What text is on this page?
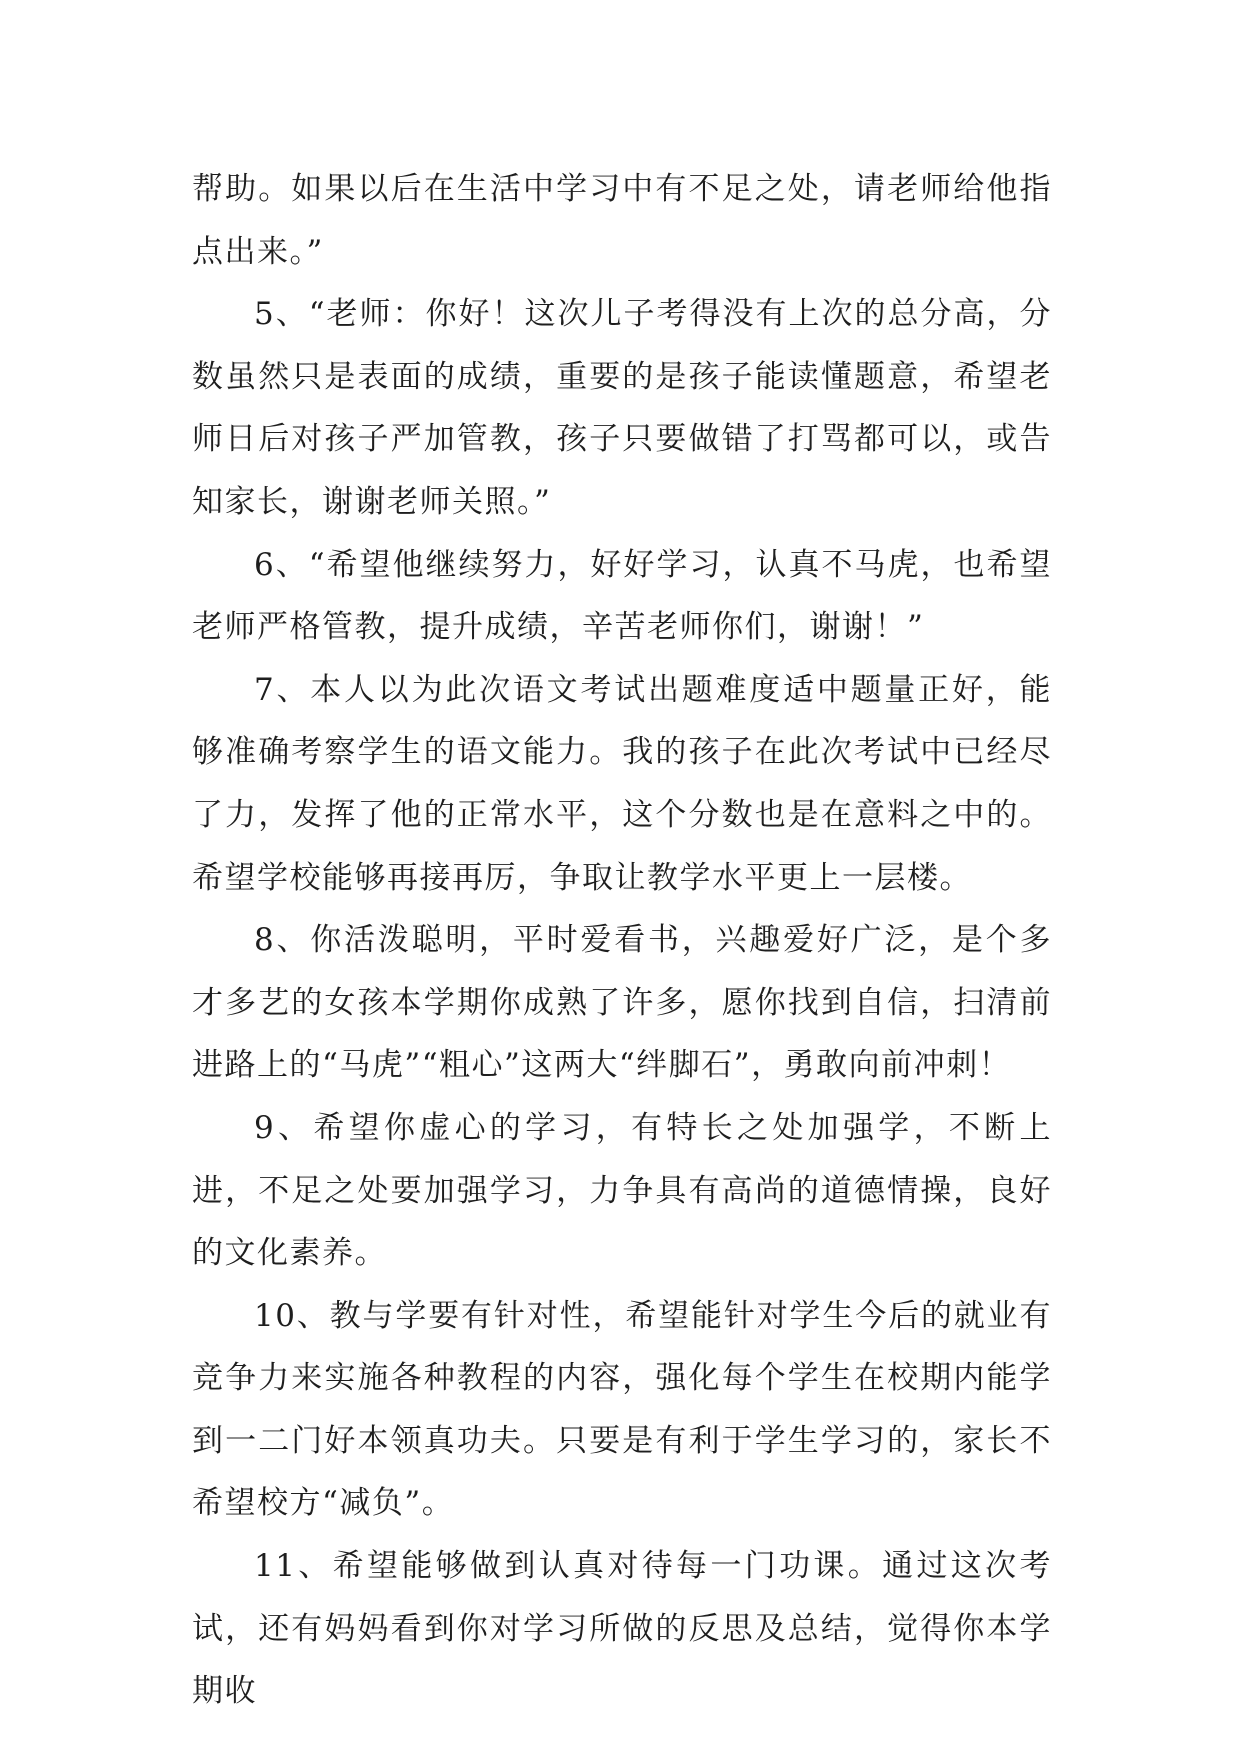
帮助。如果以后在生活中学习中有不足之处，请老师给他指点出来。”

5、“老师：你好！这次儿子考得没有上次的总分高，分数虽然只是表面的成绩，重要的是孩子能读懂题意，希望老师日后对孩子严加管教，孩子只要做错了打骂都可以，或告知家长，谢谢老师关照。”

6、“希望他继续努力，好好学习，认真不马虎，也希望老师严格管教，提升成绩，辛苦老师你们，谢谢！”

7、本人以为此次语文考试出题难度适中题量正好，能够准确考察学生的语文能力。我的孩子在此次考试中已经尽了力，发挥了他的正常水平，这个分数也是在意料之中的。希望学校能够再接再厉，争取让教学水平更上一层楼。

8、你活泼聪明，平时爱看书，兴趣爱好广泛，是个多才多艺的女孩本学期你成熟了许多，愿你找到自信，扫清前进路上的“马虎”“粗心”这两大“绊脚石”，勇敢向前冲刺！

9、希望你虚心的学习，有特长之处加强学，不断上进，不足之处要加强学习，力争具有高尚的道德情操，良好的文化素养。

10、教与学要有针对性，希望能针对学生今后的就业有竞争力来实施各种教程的内容，强化每个学生在校期内能学到一二门好本领真功夫。只要是有利于学生学习的，家长不希望校方“减负”。

11、希望能够做到认真对待每一门功课。通过这次考试，还有妈妈看到你对学习所做的反思及总结，觉得你本学期收
